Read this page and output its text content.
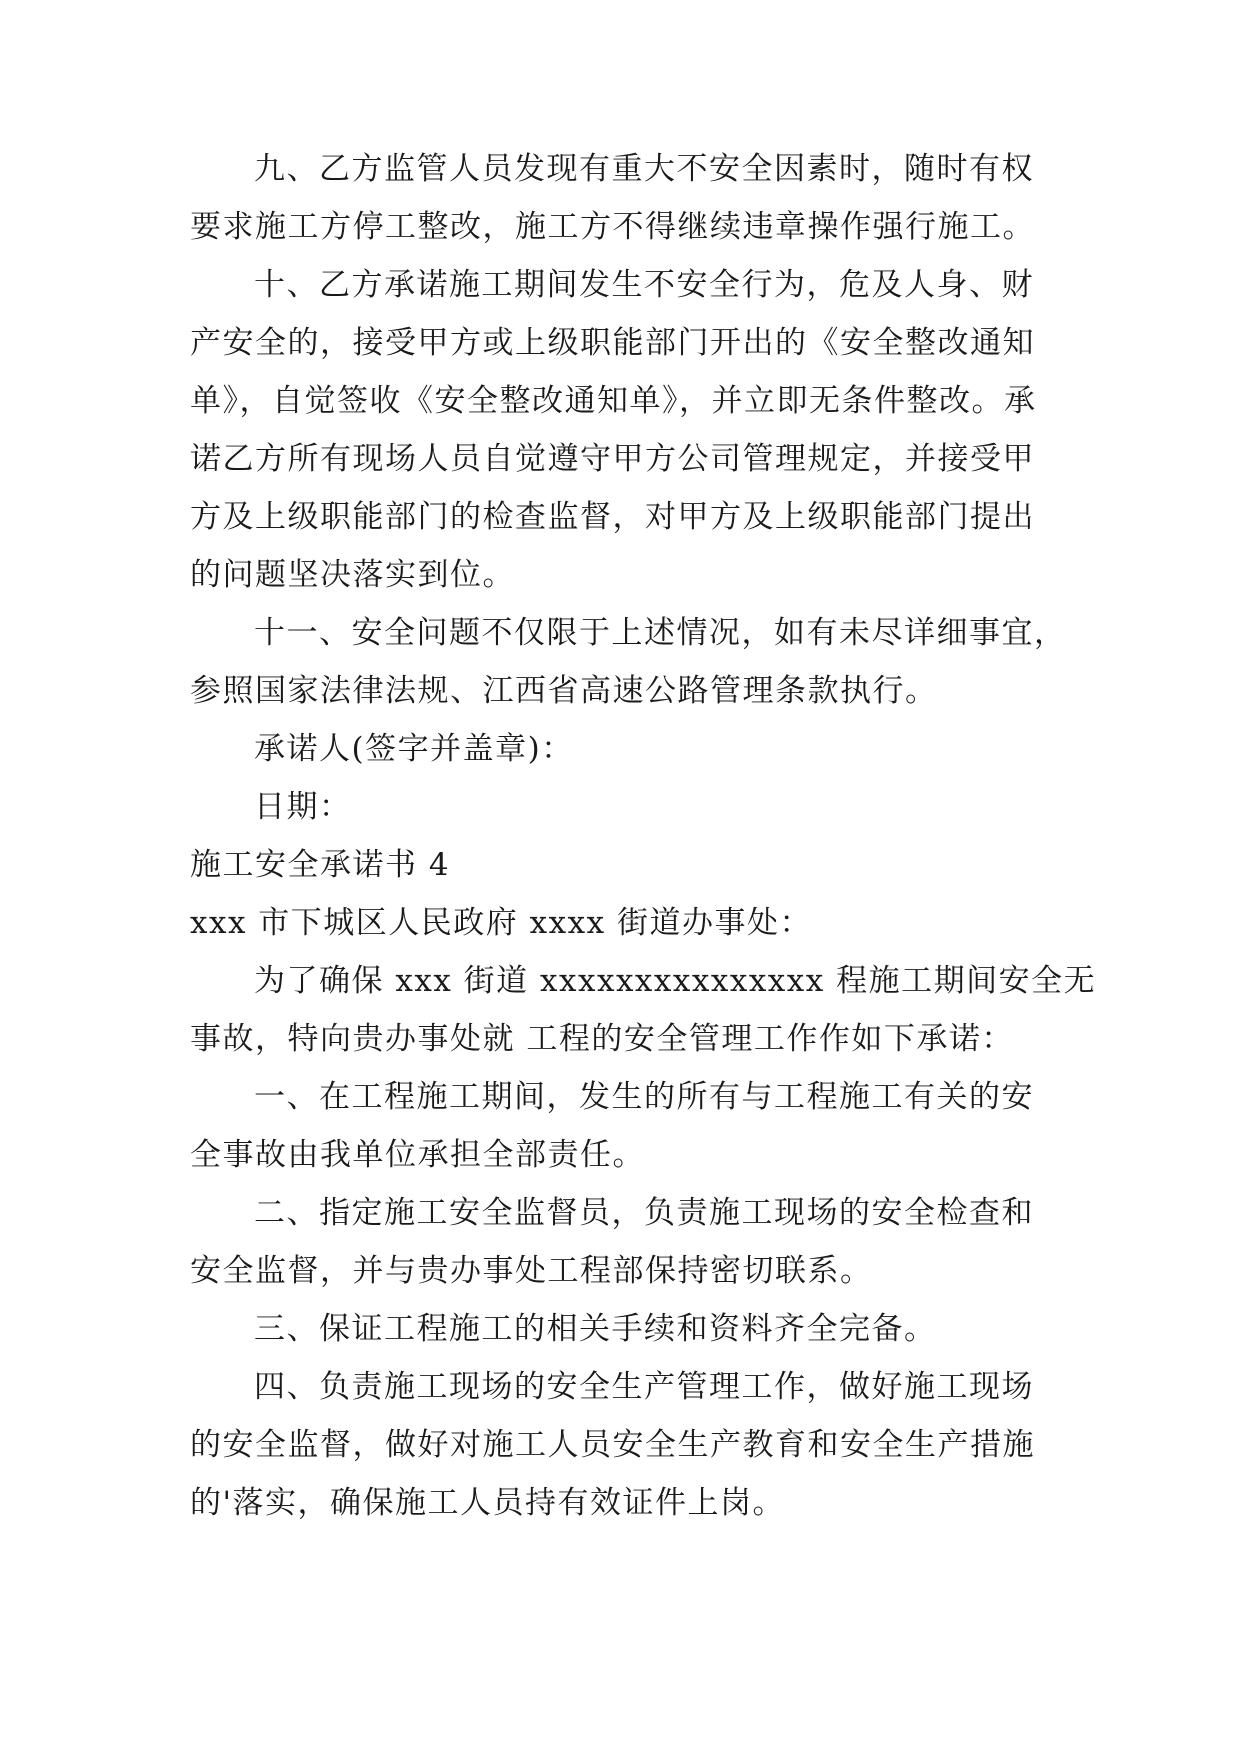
九、乙方监管人员发现有重大不安全因素时，随时有权

要求施工方停工整改，施工方不得继续违章操作强行施工。

十、乙方承诺施工期间发生不安全行为，危及人身、财

产安全的，接受甲方或上级职能部门开出的《安全整改通知

单》，自觉签收《安全整改通知单》，并立即无条件整改。承

诺乙方所有现场人员自觉遵守甲方公司管理规定，并接受甲

方及上级职能部门的检查监督，对甲方及上级职能部门提出

的问题坚决落实到位。

十一、安全问题不仅限于上述情况，如有未尽详细事宜，

参照国家法律法规、江西省高速公路管理条款执行。

承诺人(签字并盖章)：

日期：

施工安全承诺书 4

xxx 市下城区人民政府 xxxx 街道办事处：

为了确保 xxx 街道 xxxxxxxxxxxxxxx 程施工期间安全无

事故，特向贵办事处就 工程的安全管理工作作如下承诺：

一、在工程施工期间，发生的所有与工程施工有关的安

全事故由我单位承担全部责任。

二、指定施工安全监督员，负责施工现场的安全检查和

安全监督，并与贵办事处工程部保持密切联系。

三、保证工程施工的相关手续和资料齐全完备。

四、负责施工现场的安全生产管理工作，做好施工现场

的安全监督，做好对施工人员安全生产教育和安全生产措施

的'落实，确保施工人员持有效证件上岗。
